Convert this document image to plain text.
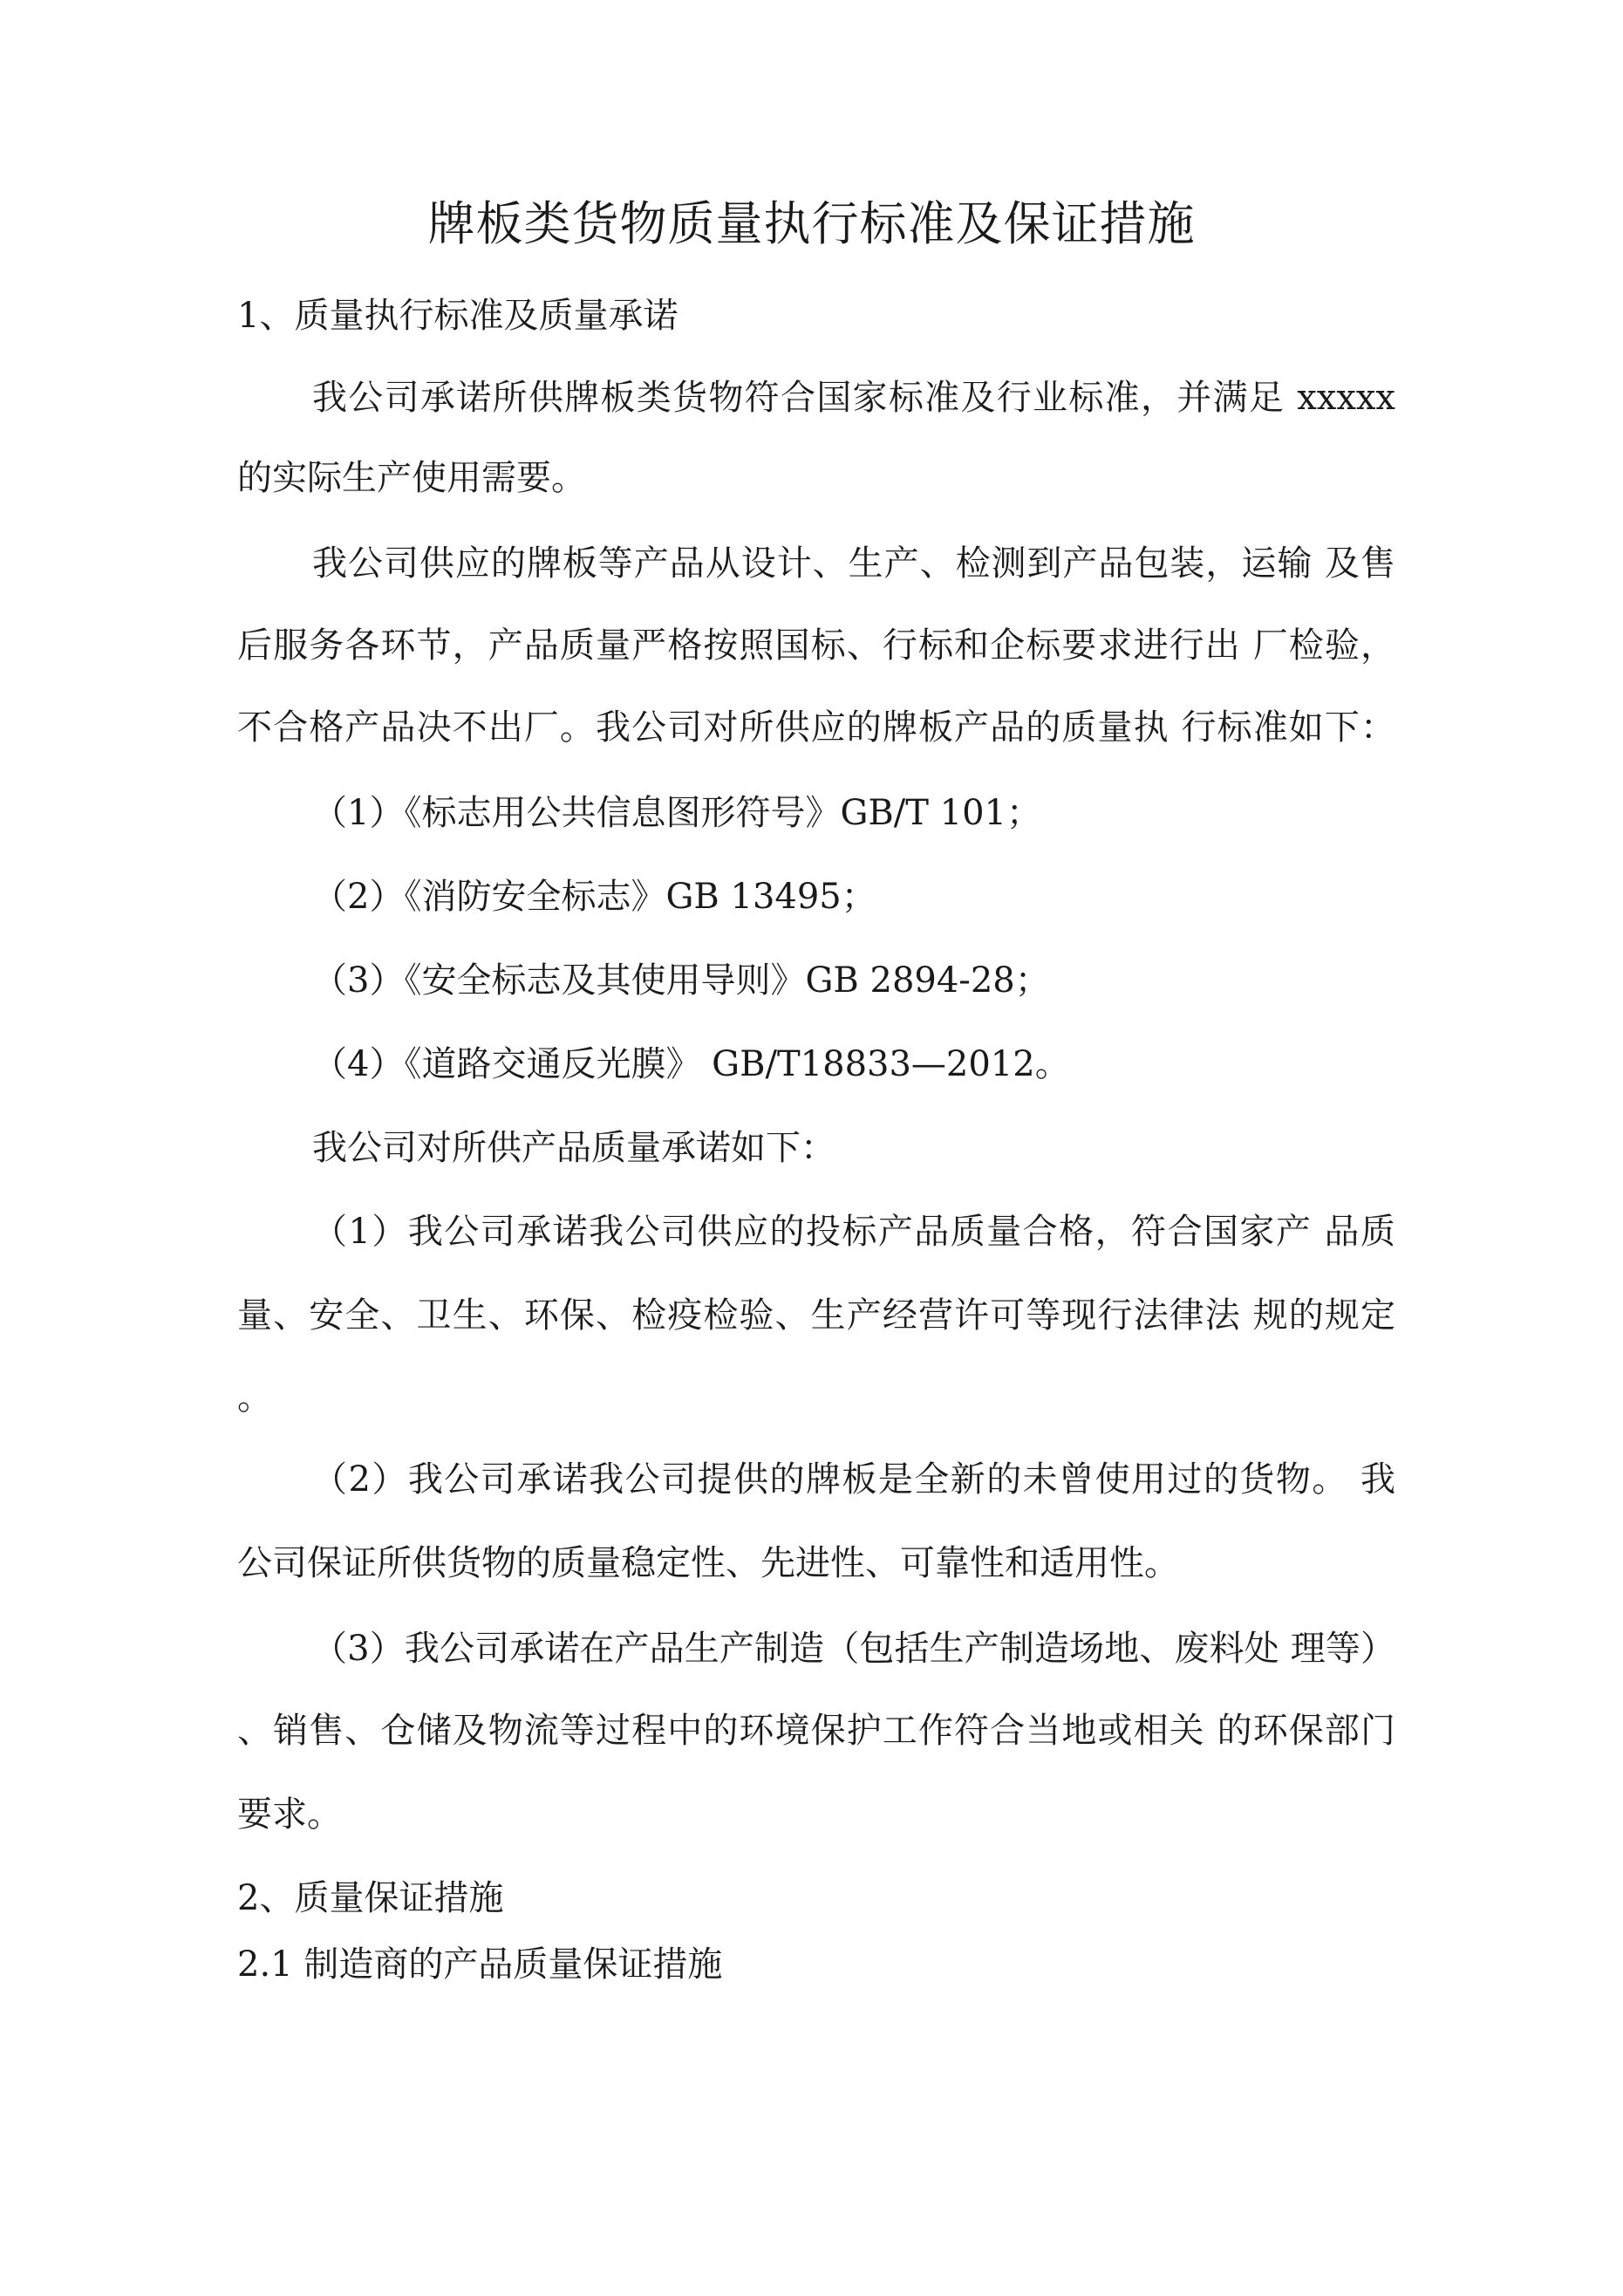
牌板类货物质量执行标准及保证措施
1、质量执行标准及质量承诺
我公司承诺所供牌板类货物符合国家标准及行业标准，并满足 xxxxx
的实际生产使用需要。
我公司供应的牌板等产品从设计、生产、检测到产品包装，运输 及售
后服务各环节，产品质量严格按照国标、行标和企标要求进行出 厂检验，
不合格产品决不出厂。我公司对所供应的牌板产品的质量执 行标准如下：
（1）《标志用公共信息图形符号》GB/T 101；
（2）《消防安全标志》GB 13495；
（3）《安全标志及其使用导则》GB 2894-28；
（4）《道路交通反光膜》 GB/T18833—2012。
我公司对所供产品质量承诺如下：
（1）我公司承诺我公司供应的投标产品质量合格，符合国家产 品质
量、安全、卫生、环保、检疫检验、生产经营许可等现行法律法 规的规定
。
（2）我公司承诺我公司提供的牌板是全新的未曾使用过的货物。 我
公司保证所供货物的质量稳定性、先进性、可靠性和适用性。
（3）我公司承诺在产品生产制造（包括生产制造场地、废料处 理等）
、销售、仓储及物流等过程中的环境保护工作符合当地或相关 的环保部门
要求。
2、质量保证措施
2.1 制造商的产品质量保证措施
